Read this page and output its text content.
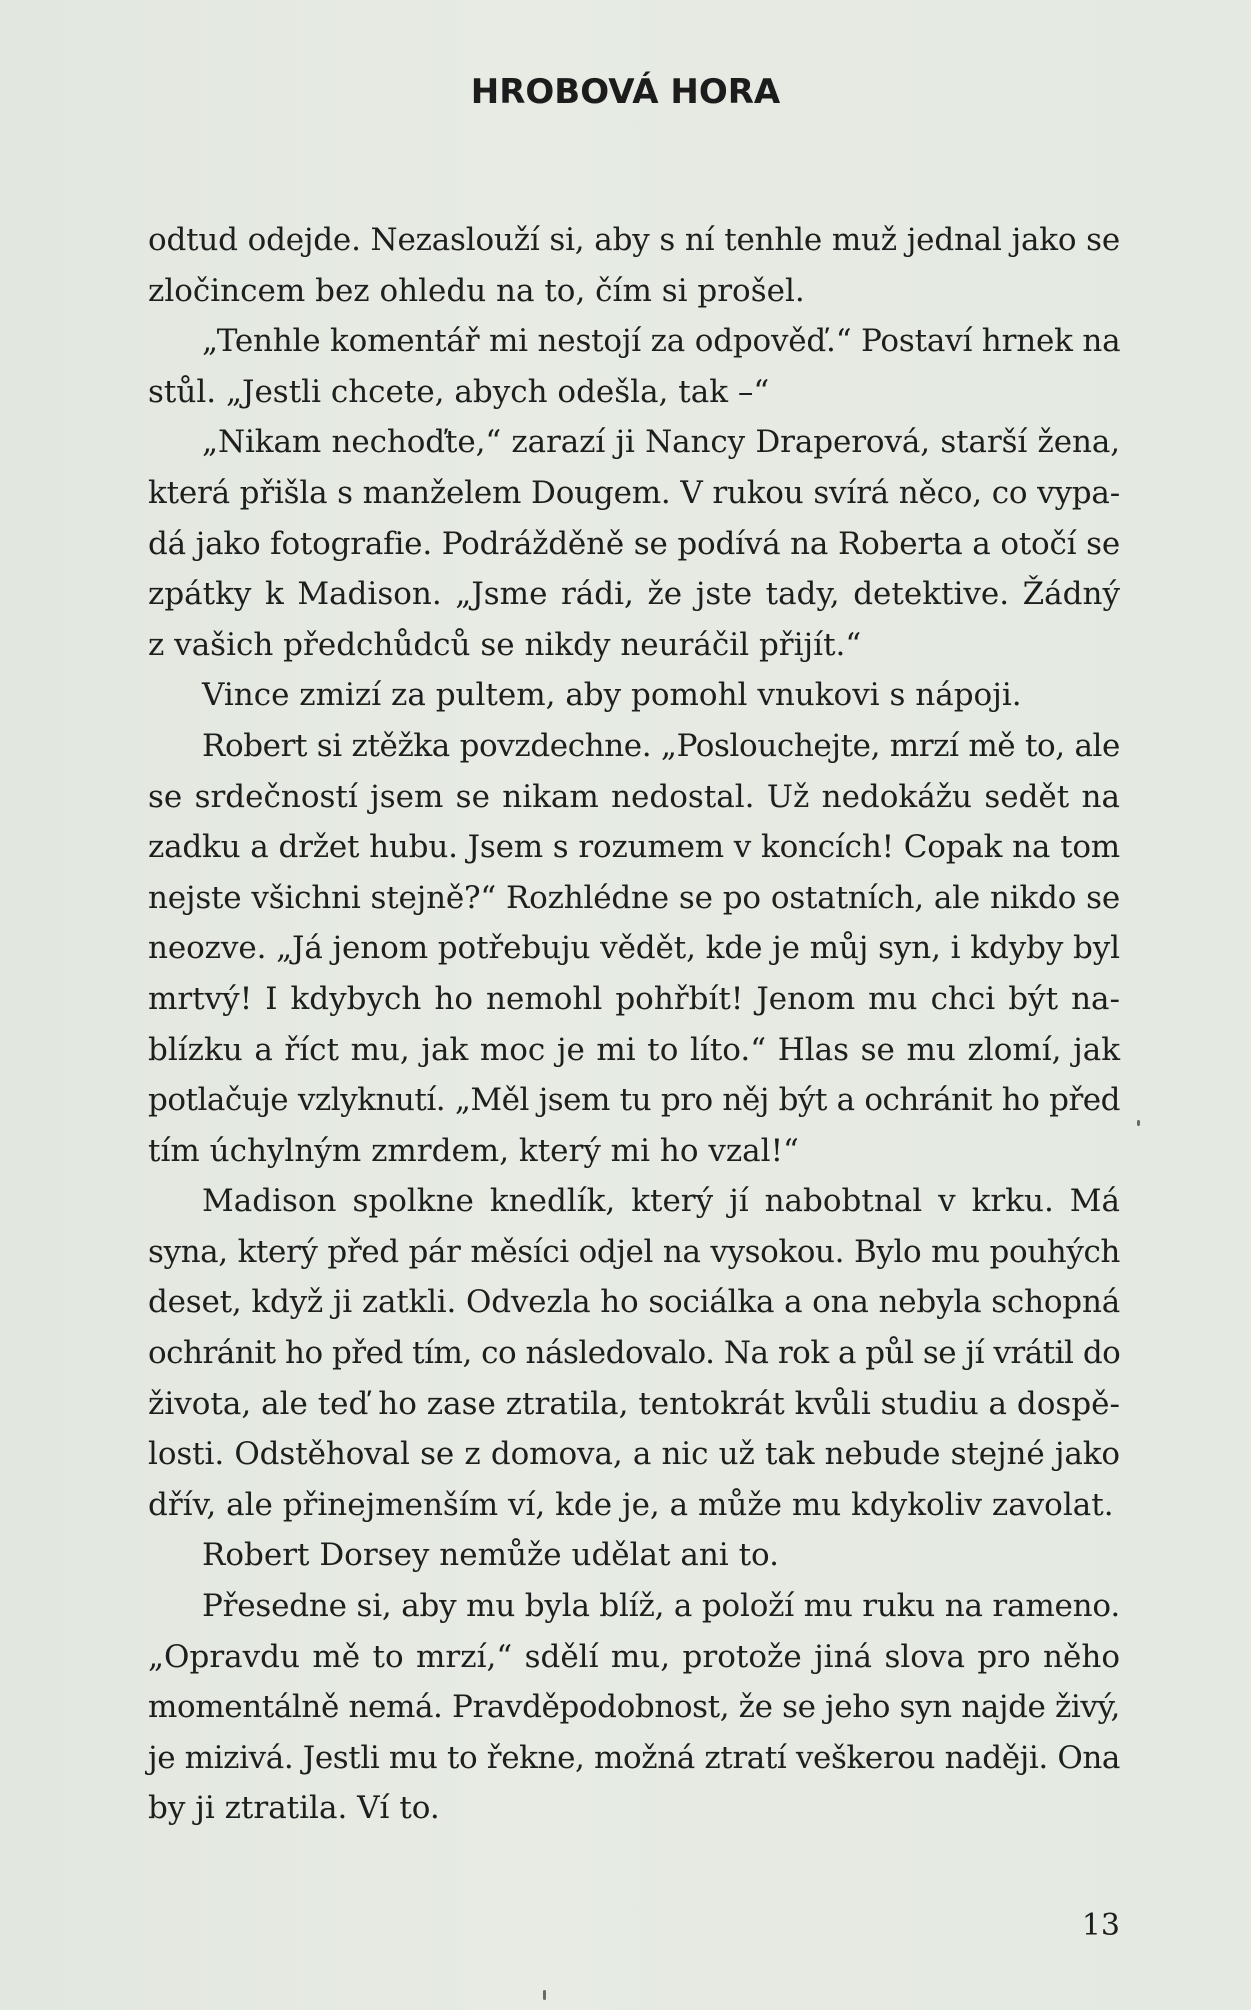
HROBOVÁ HORA
odtud odejde. Nezaslouží si, aby s ní tenhle muž jednal jako se
zločincem bez ohledu na to, čím si prošel.
„Tenhle komentář mi nestojí za odpověď.“ Postaví hrnek na
stůl. „Jestli chcete, abych odešla, tak –“
„Nikam nechoďte,“ zarazí ji Nancy Draperová, starší žena,
která přišla s manželem Dougem. V rukou svírá něco, co vypa-
dá jako fotografie. Podrážděně se podívá na Roberta a otočí se
zpátky k Madison. „Jsme rádi, že jste tady, detektive. Žádný
z vašich předchůdců se nikdy neuráčil přijít.“
Vince zmizí za pultem, aby pomohl vnukovi s nápoji.
Robert si ztěžka povzdechne. „Poslouchejte, mrzí mě to, ale
se srdečností jsem se nikam nedostal. Už nedokážu sedět na
zadku a držet hubu. Jsem s rozumem v koncích! Copak na tom
nejste všichni stejně?“ Rozhlédne se po ostatních, ale nikdo se
neozve. „Já jenom potřebuju vědět, kde je můj syn, i kdyby byl
mrtvý! I kdybych ho nemohl pohřbít! Jenom mu chci být na-
blízku a říct mu, jak moc je mi to líto.“ Hlas se mu zlomí, jak
potlačuje vzlyknutí. „Měl jsem tu pro něj být a ochránit ho před
tím úchylným zmrdem, který mi ho vzal!“
Madison spolkne knedlík, který jí nabobtnal v krku. Má
syna, který před pár měsíci odjel na vysokou. Bylo mu pouhých
deset, když ji zatkli. Odvezla ho sociálka a ona nebyla schopná
ochránit ho před tím, co následovalo. Na rok a půl se jí vrátil do
života, ale teď ho zase ztratila, tentokrát kvůli studiu a dospě-
losti. Odstěhoval se z domova, a nic už tak nebude stejné jako
dřív, ale přinejmenším ví, kde je, a může mu kdykoliv zavolat.
Robert Dorsey nemůže udělat ani to.
Přesedne si, aby mu byla blíž, a položí mu ruku na rameno.
„Opravdu mě to mrzí,“ sdělí mu, protože jiná slova pro něho
momentálně nemá. Pravděpodobnost, že se jeho syn najde živý,
je mizivá. Jestli mu to řekne, možná ztratí veškerou naději. Ona
by ji ztratila. Ví to.
13
